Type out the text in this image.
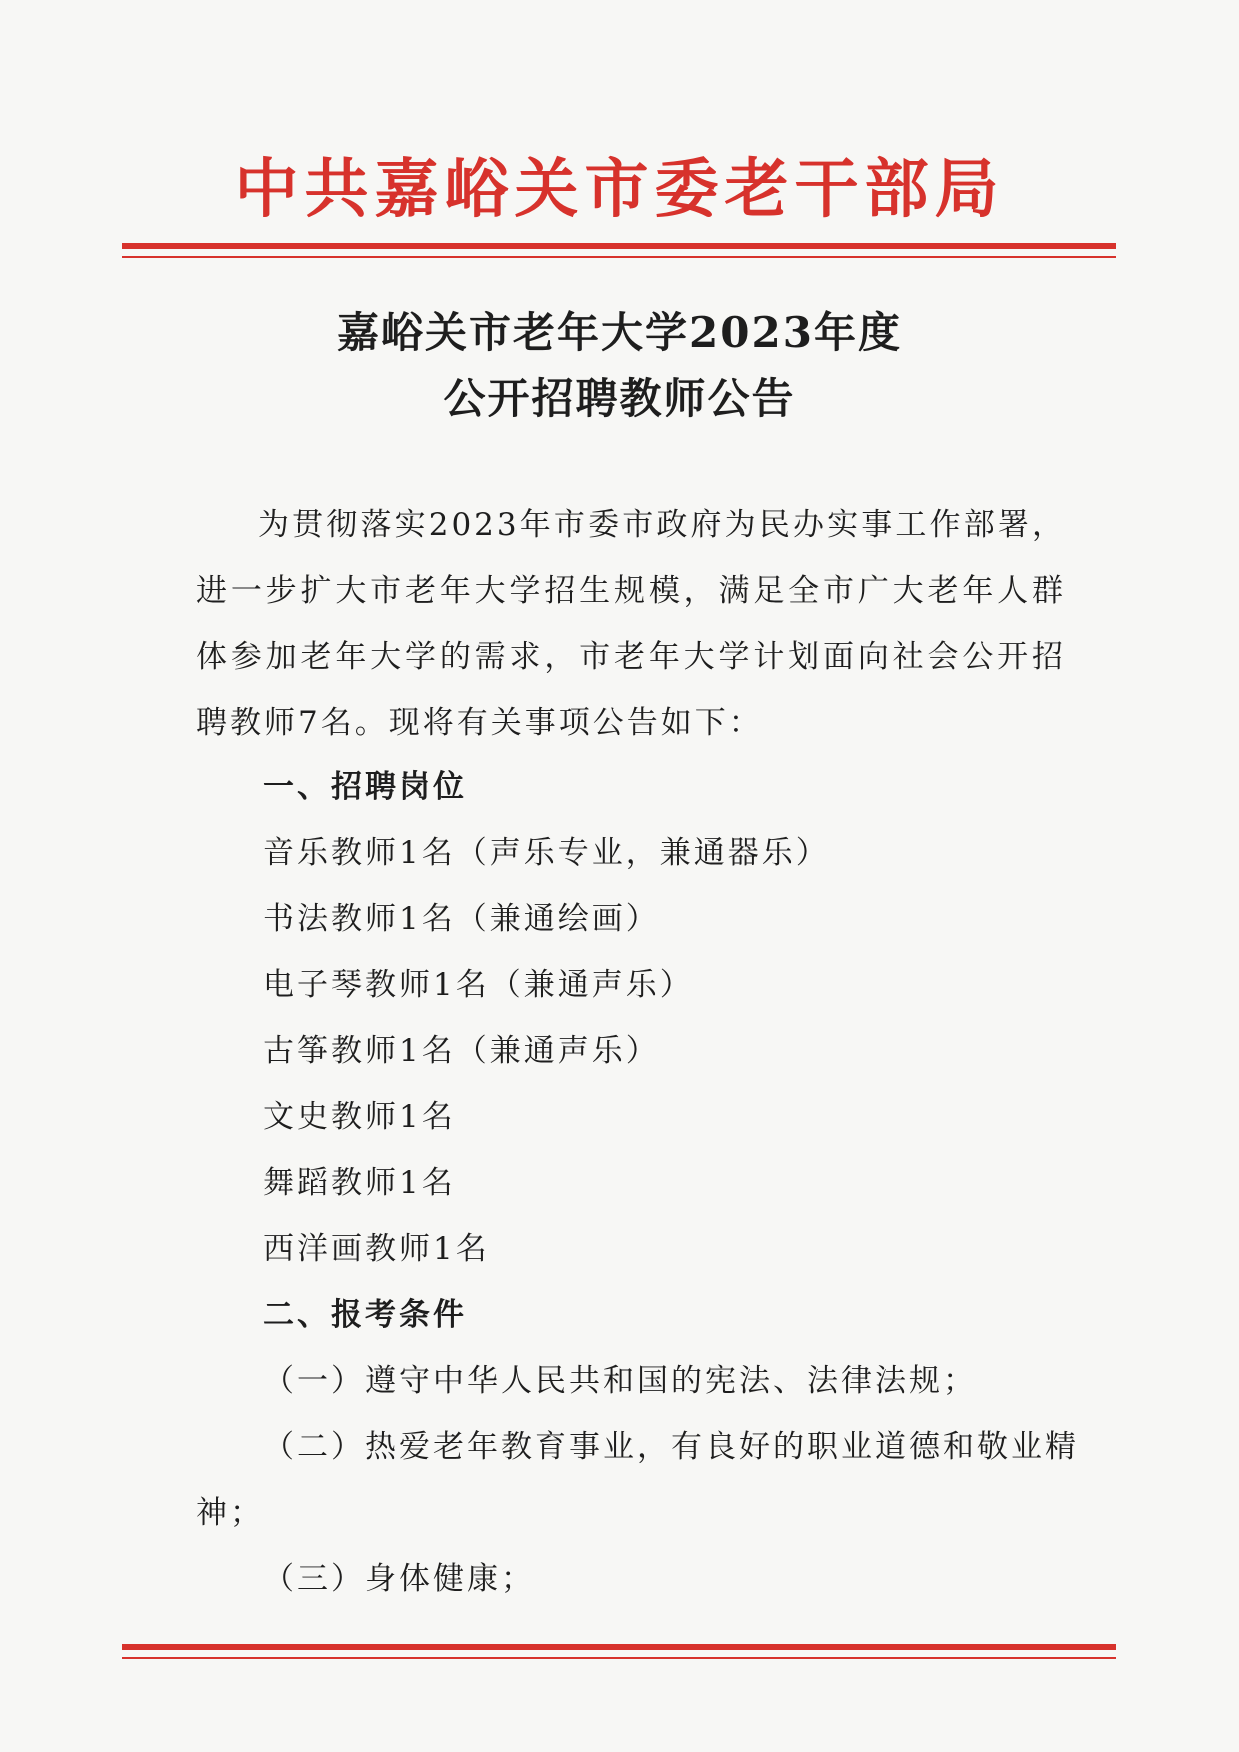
中共嘉峪关市委老干部局
嘉峪关市老年大学2023年度
公开招聘教师公告
为贯彻落实2023年市委市政府为民办实事工作部署，进一步扩大市老年大学招生规模，满足全市广大老年人群体参加老年大学的需求，市老年大学计划面向社会公开招聘教师7名。现将有关事项公告如下：
一、招聘岗位
音乐教师1名（声乐专业，兼通器乐）
书法教师1名（兼通绘画）
电子琴教师1名（兼通声乐）
古筝教师1名（兼通声乐）
文史教师1名
舞蹈教师1名
西洋画教师1名
二、报考条件
（一）遵守中华人民共和国的宪法、法律法规；
（二）热爱老年教育事业，有良好的职业道德和敬业精
神；
（三）身体健康；
